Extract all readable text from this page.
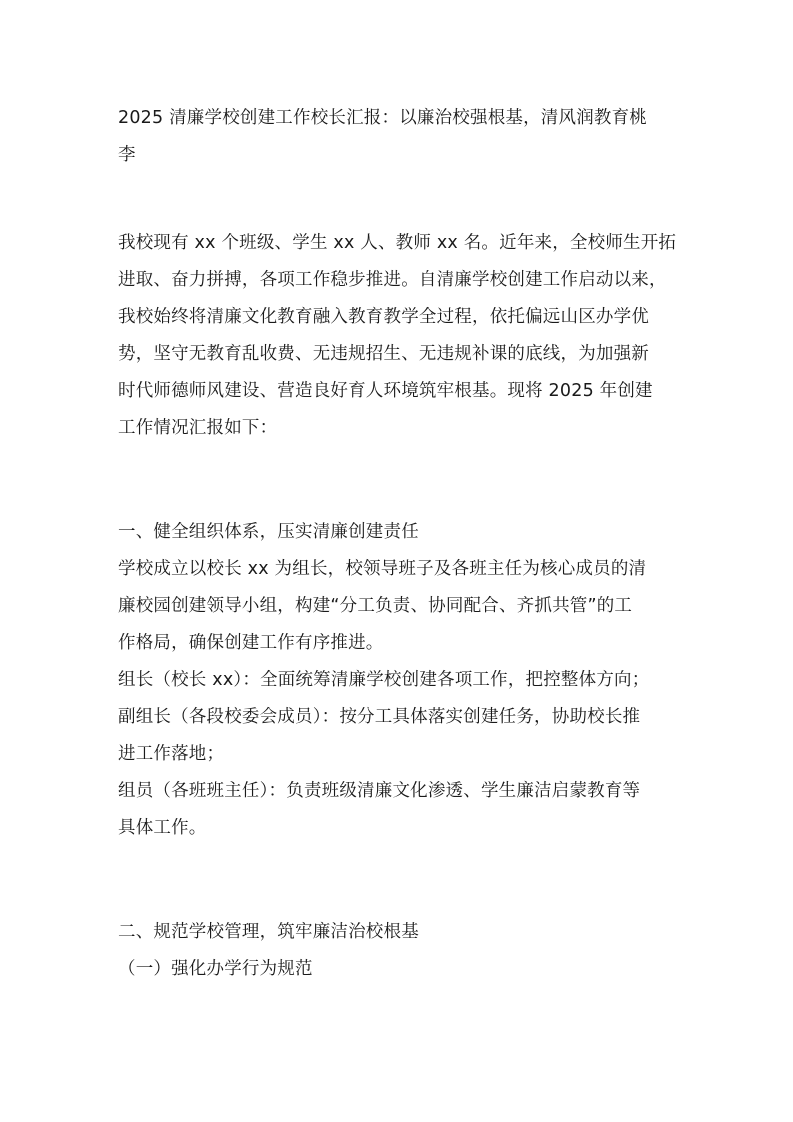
2025 清廉学校创建工作校长汇报：以廉治校强根基，清风润教育桃
李
我校现有 xx 个班级、学生 xx 人、教师 xx 名。近年来，全校师生开拓
进取、奋力拼搏，各项工作稳步推进。自清廉学校创建工作启动以来，
我校始终将清廉文化教育融入教育教学全过程，依托偏远山区办学优
势，坚守无教育乱收费、无违规招生、无违规补课的底线，为加强新
时代师德师风建设、营造良好育人环境筑牢根基。现将 2025 年创建
工作情况汇报如下：
一、健全组织体系，压实清廉创建责任
学校成立以校长 xx 为组长，校领导班子及各班主任为核心成员的清
廉校园创建领导小组，构建“分工负责、协同配合、齐抓共管”的工
作格局，确保创建工作有序推进。
组长（校长 xx）：全面统筹清廉学校创建各项工作，把控整体方向；
副组长（各段校委会成员）：按分工具体落实创建任务，协助校长推
进工作落地；
组员（各班班主任）：负责班级清廉文化渗透、学生廉洁启蒙教育等
具体工作。
二、规范学校管理，筑牢廉洁治校根基
（一）强化办学行为规范
